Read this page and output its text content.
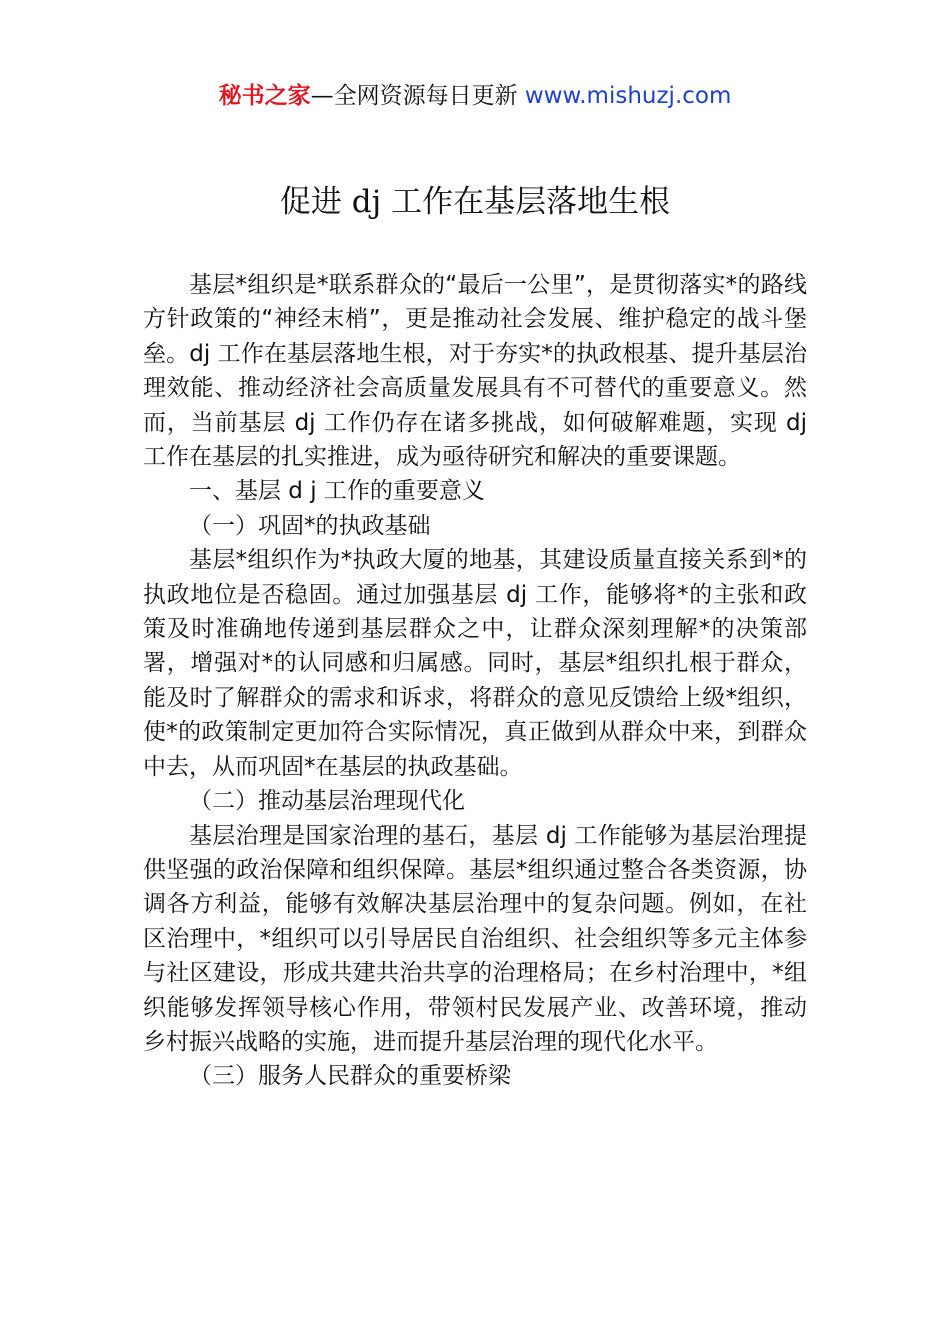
秘书之家—全网资源每日更新 www.mishuzj.com
促进 dj 工作在基层落地生根

基层*组织是*联系群众的“最后一公里”，是贯彻落实*的路线方针政策的“神经末梢”，更是推动社会发展、维护稳定的战斗堡垒。dj 工作在基层落地生根，对于夯实*的执政根基、提升基层治理效能、推动经济社会高质量发展具有不可替代的重要意义。然而，当前基层 dj 工作仍存在诸多挑战，如何破解难题，实现 dj 工作在基层的扎实推进，成为亟待研究和解决的重要课题。

一、基层 d j 工作的重要意义

（一）巩固*的执政基础

基层*组织作为*执政大厦的地基，其建设质量直接关系到*的执政地位是否稳固。通过加强基层 dj 工作，能够将*的主张和政策及时准确地传递到基层群众之中，让群众深刻理解*的决策部署，增强对*的认同感和归属感。同时，基层*组织扎根于群众，能及时了解群众的需求和诉求，将群众的意见反馈给上级*组织，使*的政策制定更加符合实际情况，真正做到从群众中来，到群众中去，从而巩固*在基层的执政基础。

（二）推动基层治理现代化

基层治理是国家治理的基石，基层 dj 工作能够为基层治理提供坚强的政治保障和组织保障。基层*组织通过整合各类资源，协调各方利益，能够有效解决基层治理中的复杂问题。例如，在社区治理中，*组织可以引导居民自治组织、社会组织等多元主体参与社区建设，形成共建共治共享的治理格局；在乡村治理中，*组织能够发挥领导核心作用，带领村民发展产业、改善环境，推动乡村振兴战略的实施，进而提升基层治理的现代化水平。

（三）服务人民群众的重要桥梁
